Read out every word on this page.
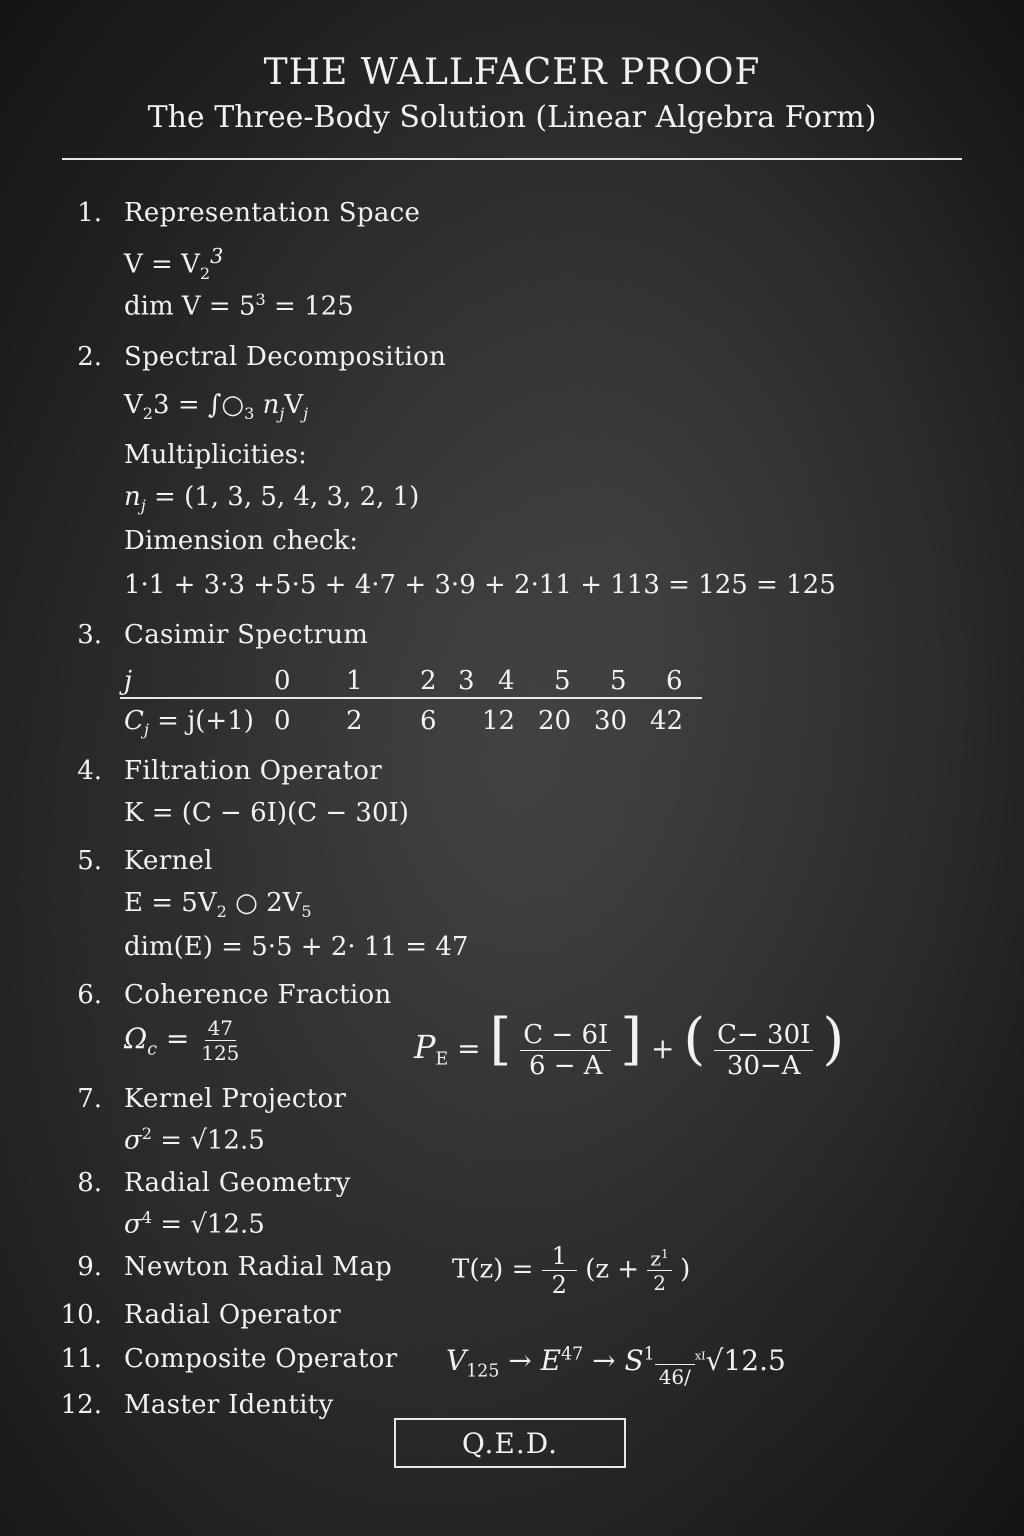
THE WALLFACER PROOF
The Three-Body Solution (Linear Algebra Form)
1. Representation Space
$V = V_2^3$
dim $V = 5^3 = 125$
2. Spectral Decomposition
$V_23$ = $\int○_3$ $n_jV_j$
Multiplicities:
$n_j = (1$, 3, 5, 4, 3, 2, 1)
Dimension check:
1·1 + 3·3 +5·5 + 4·7 + 3·9 + 2·11 + 113 = 125 = 125
3. Casimir Spectrum
j	0 1 2 3 4 5 5 6
$C_j = j(+1)$ 0 2 6 12 20 30 42
4. Filtration Operator
K = (C − 6I)(C − 30I)
5. Kernel
$E = 5V_2$ ○ $2V_5$
dim(E) = 5·5 + 2· 11 = 47
6. Coherence Fraction
$\Omega_c = \frac{47}{125}$	$P_E$ = [ $\frac{C - 6I}{6 - A}$ ] + ( $\frac{C- 30I}{30-A}$ )
7. Kernel Projector
$\sigma^2 = √12.5$
8. Radial Geometry
$\sigma^4 = √12.5$
9. Newton Radial Map $T(z) = \frac{1}{2} (z + \frac{z^1}{2}$ )
10. Radial Operator
11. Composite Operator $V_{125} \to E^{47} \to S^146/^{xI}√12.5$
12. Master Identity
Q.E.D.
